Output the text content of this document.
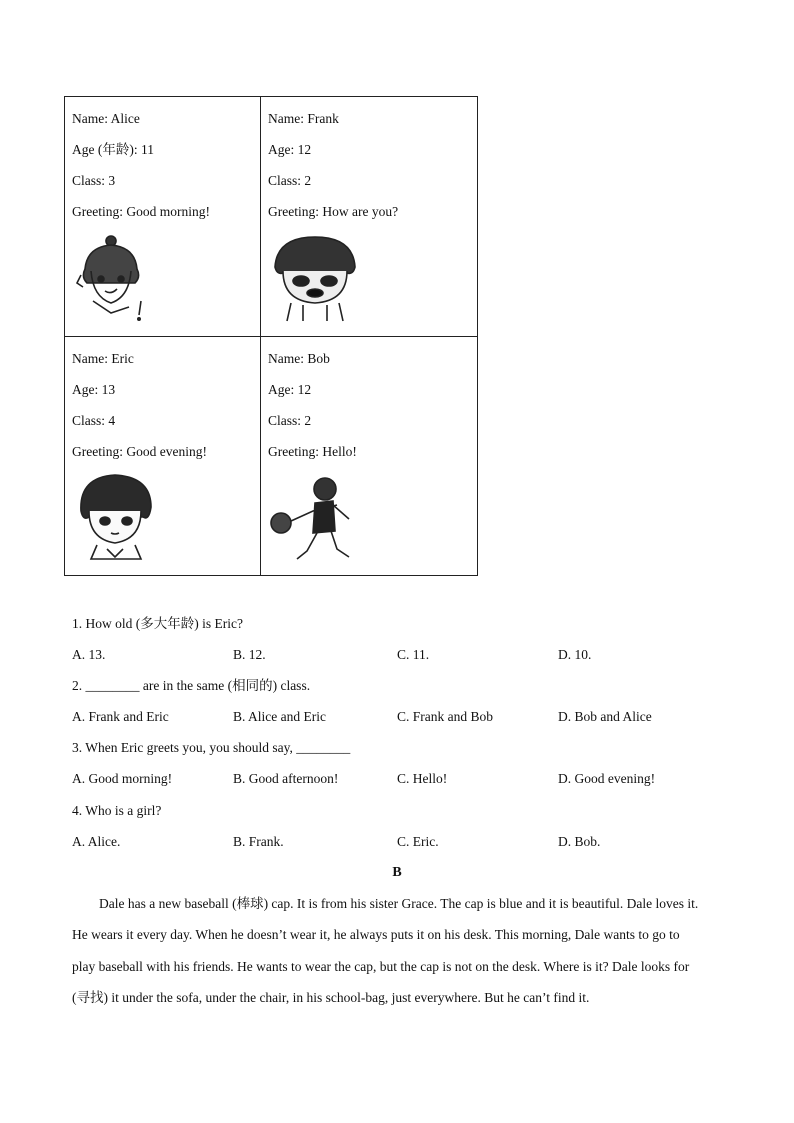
Name: Alice
Age (年龄): 11
Class: 3
Greeting: Good morning!
Name: Frank
Age: 12
Class: 2
Greeting: How are you?
Name: Eric
Age: 13
Class: 4
Greeting: Good evening!
Name: Bob
Age: 12
Class: 2
Greeting: Hello!
1. How old (多大年龄) is Eric?
A. 13.	B. 12.	C. 11.	D. 10.
2. ________ are in the same (相同的) class.
A. Frank and Eric	B. Alice and Eric	C. Frank and Bob	D. Bob and Alice
3. When Eric greets you, you should say, ________
A. Good morning!	B. Good afternoon!	C. Hello!	D. Good evening!
4. Who is a girl?
A. Alice.	B. Frank.	C. Eric.	D. Bob.
B
Dale has a new baseball (棒球) cap. It is from his sister Grace. The cap is blue and it is beautiful. Dale loves it.
He wears it every day. When he doesn’t wear it, he always puts it on his desk. This morning, Dale wants to go to
play baseball with his friends. He wants to wear the cap, but the cap is not on the desk. Where is it? Dale looks for
(寻找) it under the sofa, under the chair, in his school-bag, just everywhere. But he can’t find it.
